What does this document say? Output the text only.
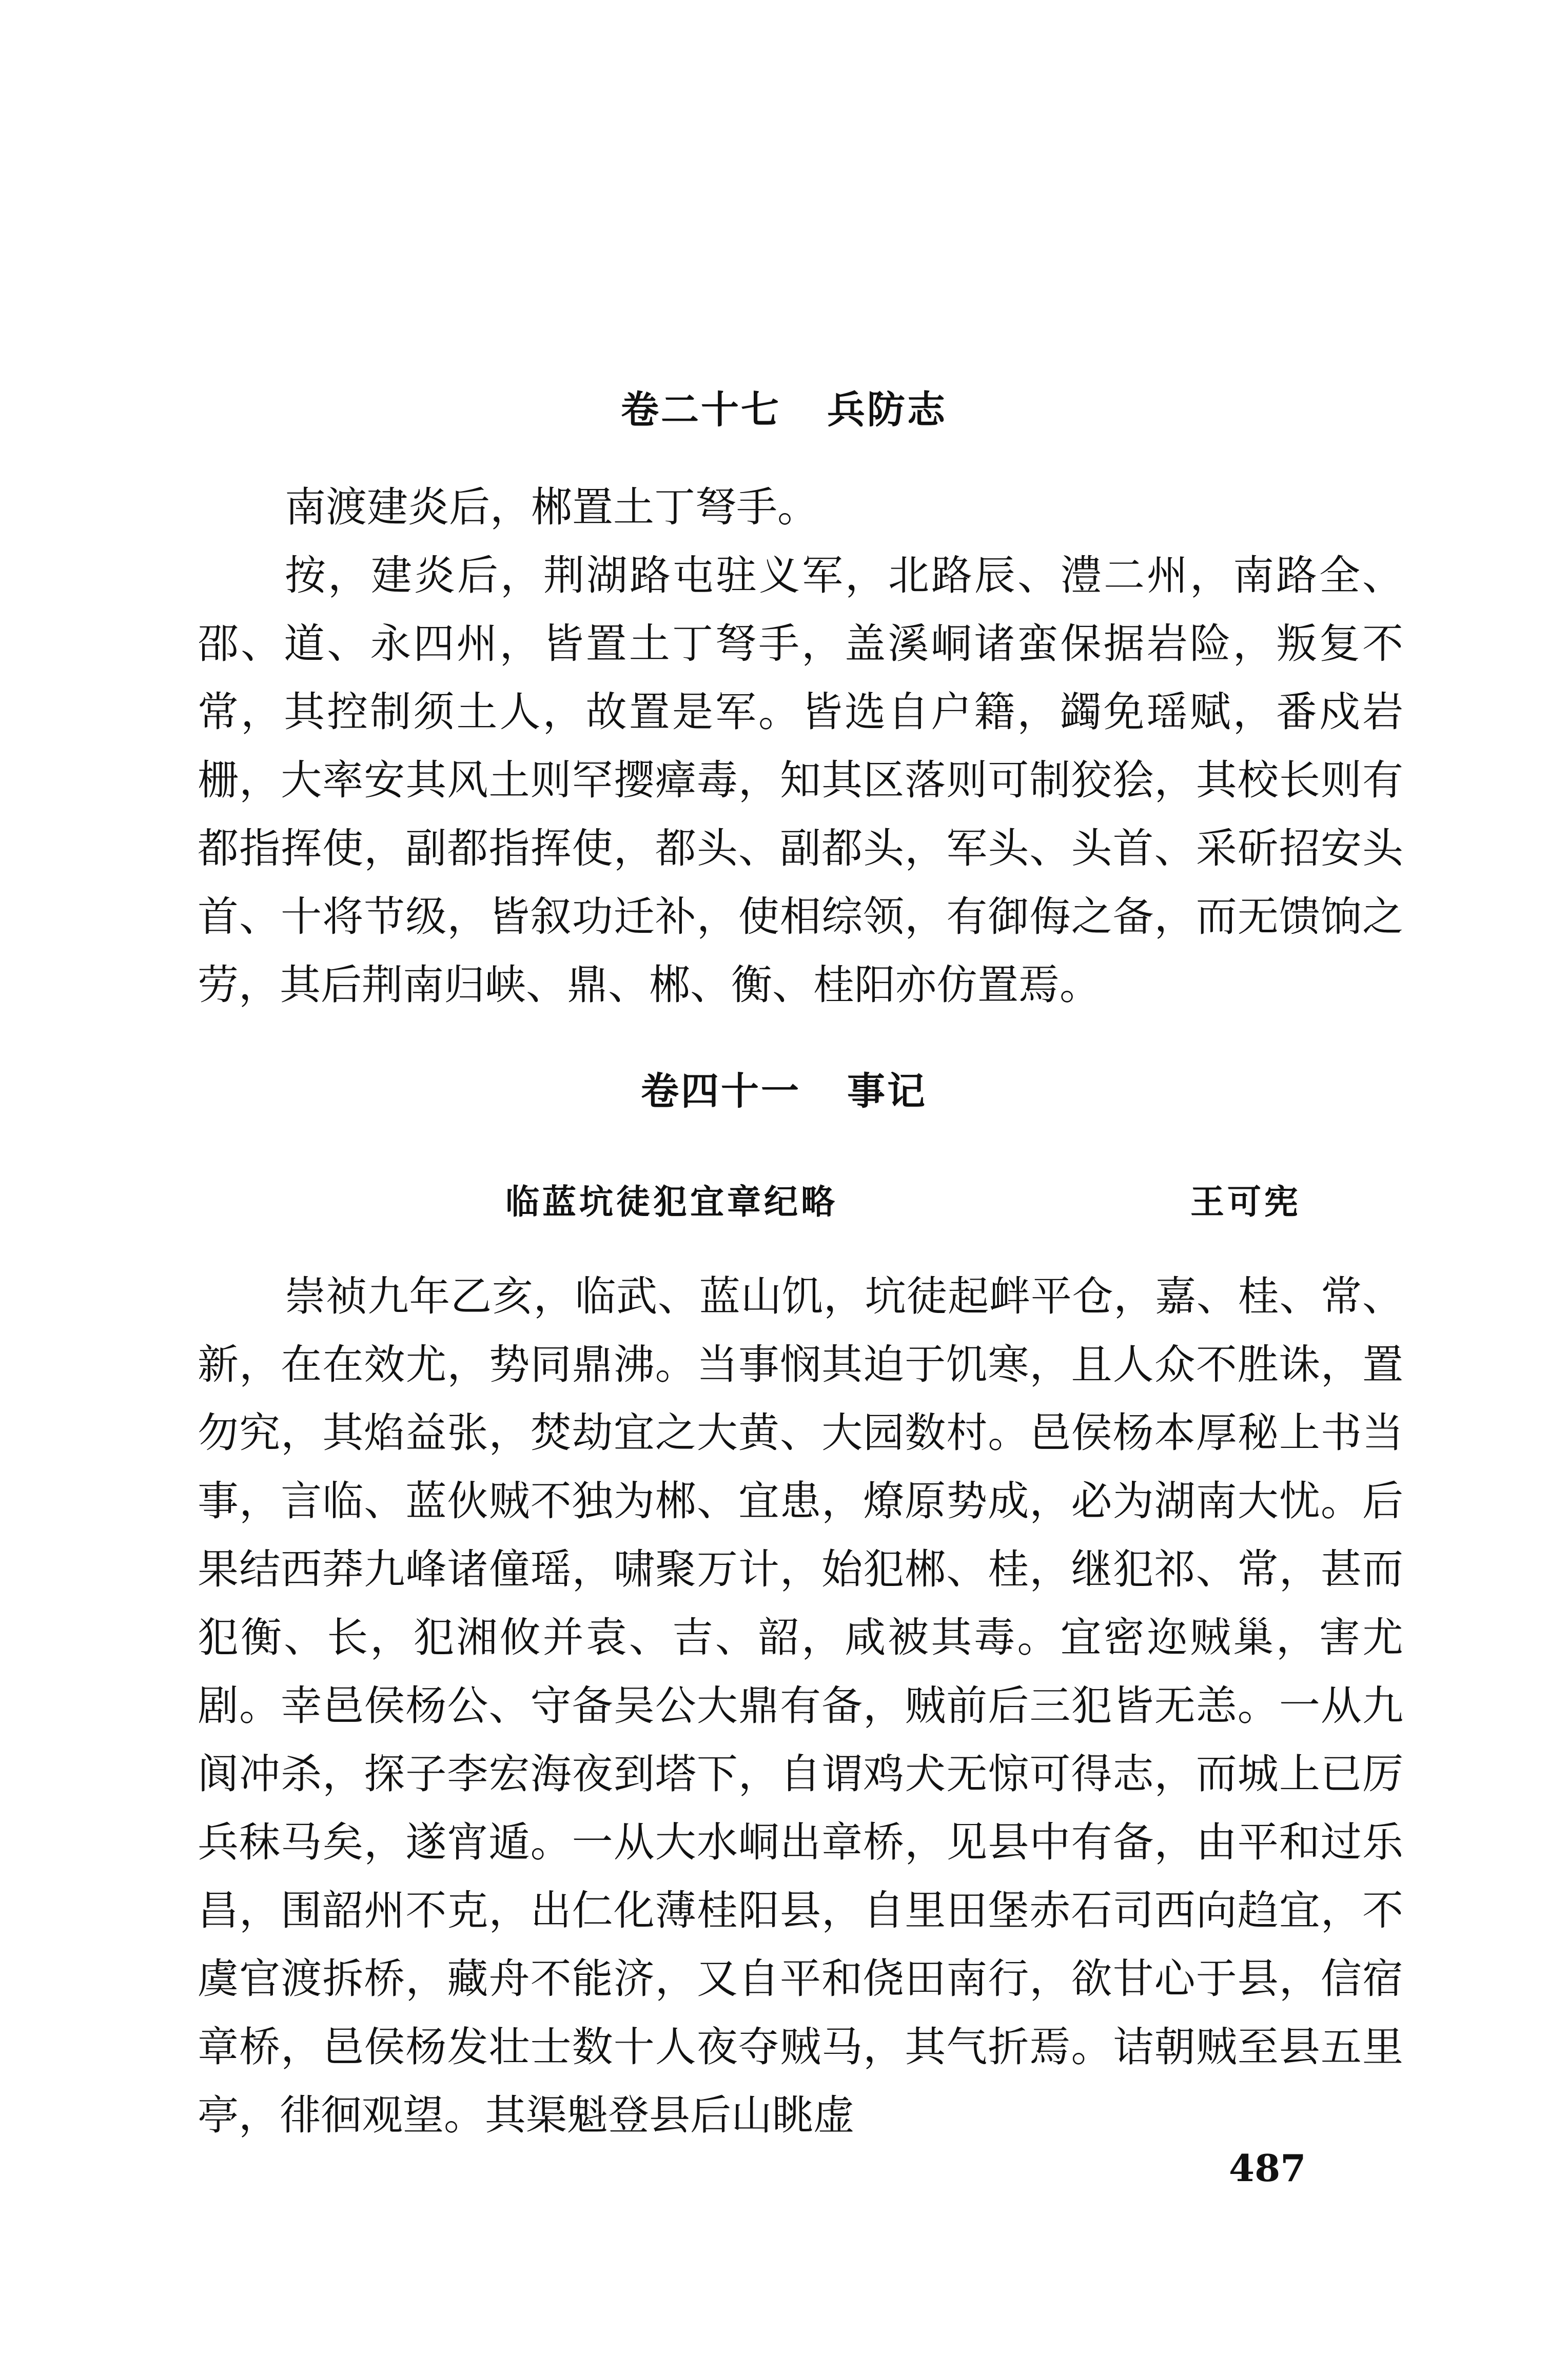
卷二十七 兵防志
南渡建炎后，郴置土丁弩手。
按，建炎后，荆湖路屯驻义军，北路辰、澧二州，南路全、邵、道、永四州，皆置土丁弩手，盖溪峒诸蛮保据岩险，叛复不常，其控制须土人，故置是军。皆选自户籍，蠲免瑶赋，番戍岩栅，大率安其风土则罕撄瘴毒，知其区落则可制狡狯，其校长则有都指挥使，副都指挥使，都头、副都头，军头、头首、采斫招安头首、十将节级，皆叙功迁补，使相综领，有御侮之备，而无馈饷之劳，其后荆南归峡、鼎、郴、衡、桂阳亦仿置焉。
卷四十一 事记
临蓝坑徒犯宜章纪略	王可宪
崇祯九年乙亥，临武、蓝山饥，坑徒起衅平仓，嘉、桂、常、新，在在效尤，势同鼎沸。当事悯其迫于饥寒，且人众不胜诛，置勿究，其焰益张，焚劫宜之大黄、大园数村。邑侯杨本厚秘上书当事，言临、蓝伙贼不独为郴、宜患，燎原势成，必为湖南大忧。后果结西莽九峰诸僮瑶，啸聚万计，始犯郴、桂，继犯祁、常，甚而犯衡、长，犯湘攸并袁、吉、韶，咸被其毒。宜密迩贼巢，害尤剧。幸邑侯杨公、守备吴公大鼎有备，贼前后三犯皆无恙。一从九阆冲杀，探子李宏海夜到塔下，自谓鸡犬无惊可得志，而城上已厉兵秣马矣，遂宵遁。一从大水峒出章桥，见县中有备，由平和过乐昌，围韶州不克，出仁化薄桂阳县，自里田堡赤石司西向趋宜，不虞官渡拆桥，藏舟不能济，又自平和侥田南行，欲甘心于县，信宿章桥，邑侯杨发壮士数十人夜夺贼马，其气折焉。诘朝贼至县五里亭，徘徊观望。其渠魁登县后山眺虚
487
